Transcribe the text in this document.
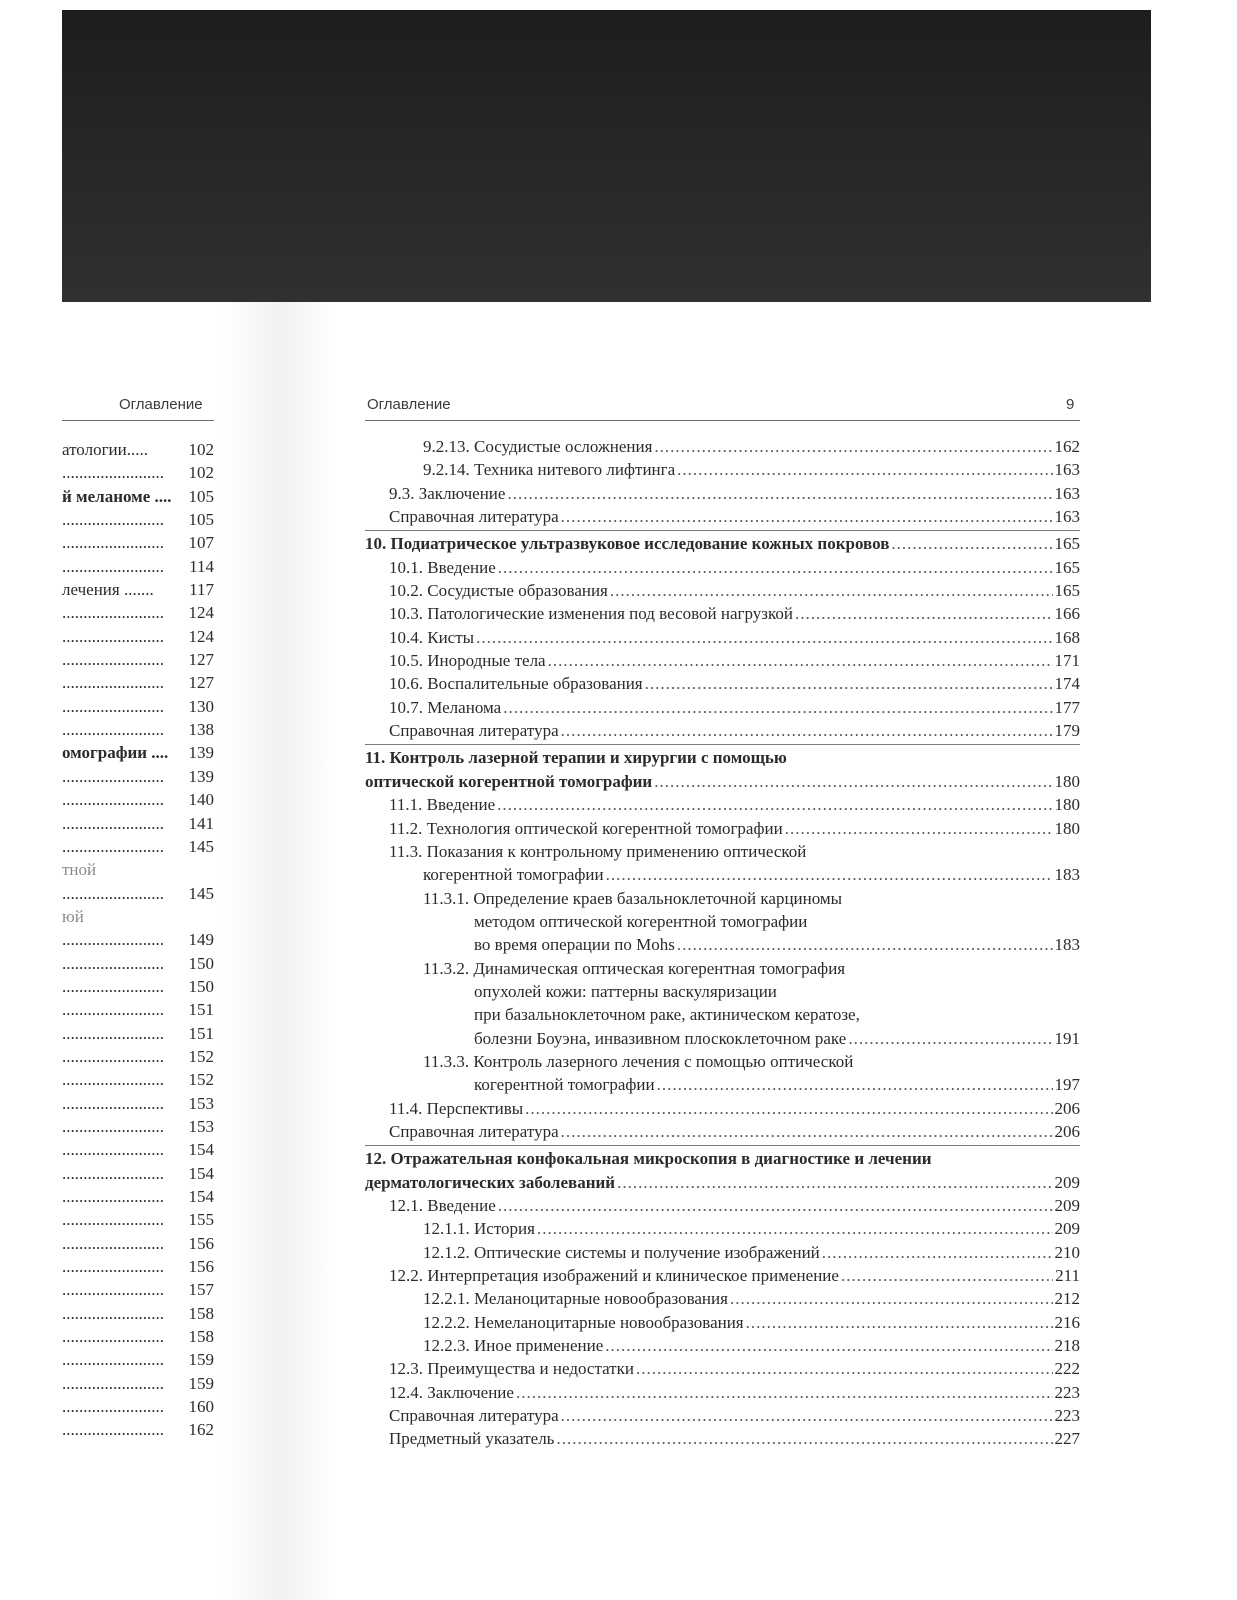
Оглавление
атологии.....	102
........................	102
й меланоме .... 105
........................	105
........................	107
........................	114
лечения .......	117
........................	124
........................	124
........................	127
........................	127
........................	130
........................	138
омографии ....	139
........................	139
........................	140
........................	141
........................	145
тной
........................	145
юй
........................	149
........................	150
........................	150
........................	151
........................	151
........................	152
........................	152
........................	153
........................	153
........................	154
........................	154
........................	154
........................	155
........................	156
........................	156
........................	157
........................	158
........................	158
........................	159
........................	159
........................	160
........................	162
Оглавление	9
9.2.13. Сосудистые осложнения .....	162
9.2.14. Техника нитевого лифтинга .....	163
9.3. Заключение .....	163
Справочная литература .....	163
10. Подиатрическое ультразвуковое исследование кожных покровов .....	165
10.1. Введение .....	165
10.2. Сосудистые образования .....	165
10.3. Патологические изменения под весовой нагрузкой .....	166
10.4. Кисты .....	168
10.5. Инородные тела .....	171
10.6. Воспалительные образования .....	174
10.7. Меланома .....	177
Справочная литература .....	179
11. Контроль лазерной терапии и хирургии с помощью
оптической когерентной томографии .....	180
11.1. Введение .....	180
11.2. Технология оптической когерентной томографии .....	180
11.3. Показания к контрольному применению оптической
когерентной томографии .....	183
11.3.1. Определение краев базальноклеточной карциномы
методом оптической когерентной томографии
во время операции по Mohs .....	183
11.3.2. Динамическая оптическая когерентная томография
опухолей кожи: паттерны васкуляризации
при базальноклеточном раке, актиническом кератозе,
болезни Боуэна, инвазивном плоскоклеточном раке .....	191
11.3.3. Контроль лазерного лечения с помощью оптической
когерентной томографии .....	197
11.4. Перспективы .....	206
Справочная литература .....	206
12. Отражательная конфокальная микроскопия в диагностике и лечении
дерматологических заболеваний .....	209
12.1. Введение .....	209
12.1.1. История .....	209
12.1.2. Оптические системы и получение изображений .....	210
12.2. Интерпретация изображений и клиническое применение .....	211
12.2.1. Меланоцитарные новообразования .....	212
12.2.2. Немеланоцитарные новообразования .....	216
12.2.3. Иное применение .....	218
12.3. Преимущества и недостатки .....	222
12.4. Заключение .....	223
Справочная литература .....	223
Предметный указатель .....	227
